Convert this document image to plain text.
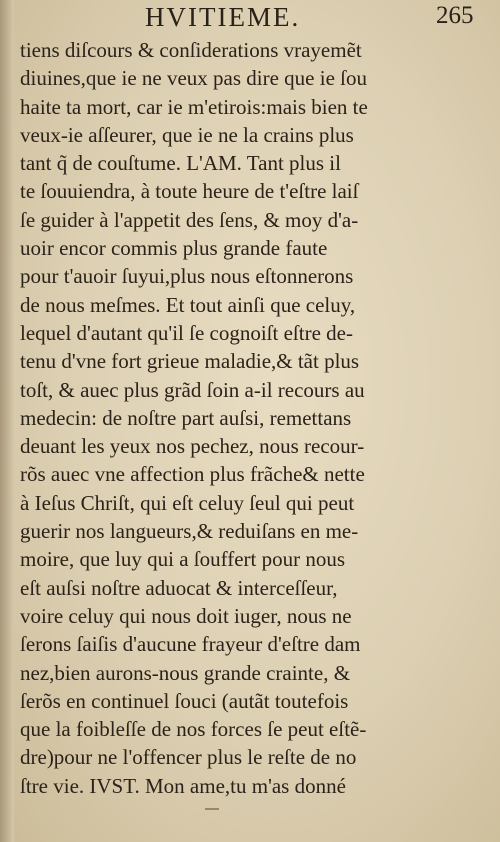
HVITIEME.	265
tiens diſcours & conſiderations vrayemẽt
diuines,que ie ne veux pas dire que ie ſou
haite ta mort, car ie m'etirois:mais bien te
veux-ie aſſeurer, que ie ne la crains plus
tant q̃ de couſtume. L'AM. Tant plus il
te ſouuiendra, à toute heure de t'eſtre laiſ
ſe guider à l'appetit des ſens, & moy d'a-
uoir encor commis plus grande faute
pour t'auoir ſuyui,plus nous eſtonnerons
de nous meſmes. Et tout ainſi que celuy,
lequel d'autant qu'il ſe cognoiſt eſtre de-
tenu d'vne fort grieue maladie,& tãt plus
toſt, & auec plus grãd ſoin a-il recours au
medecin: de noſtre part auſsi, remettans
deuant les yeux nos pechez, nous recour-
rõs auec vne affection plus frãche& nette
à Ieſus Chriſt, qui eſt celuy ſeul qui peut
guerir nos langueurs,& reduiſans en me-
moire, que luy qui a ſouffert pour nous
eſt auſsi noſtre aduocat & interceſſeur,
voire celuy qui nous doit iuger, nous ne
ſerons ſaiſis d'aucune frayeur d'eſtre dam
nez,bien aurons-nous grande crainte, &
ſerõs en continuel ſouci (autãt toutefois
que la foibleſſe de nos forces ſe peut eſtẽ-
dre)pour ne l'offencer plus le reſte de no
ſtre vie. IVST. Mon ame,tu m'as donné
